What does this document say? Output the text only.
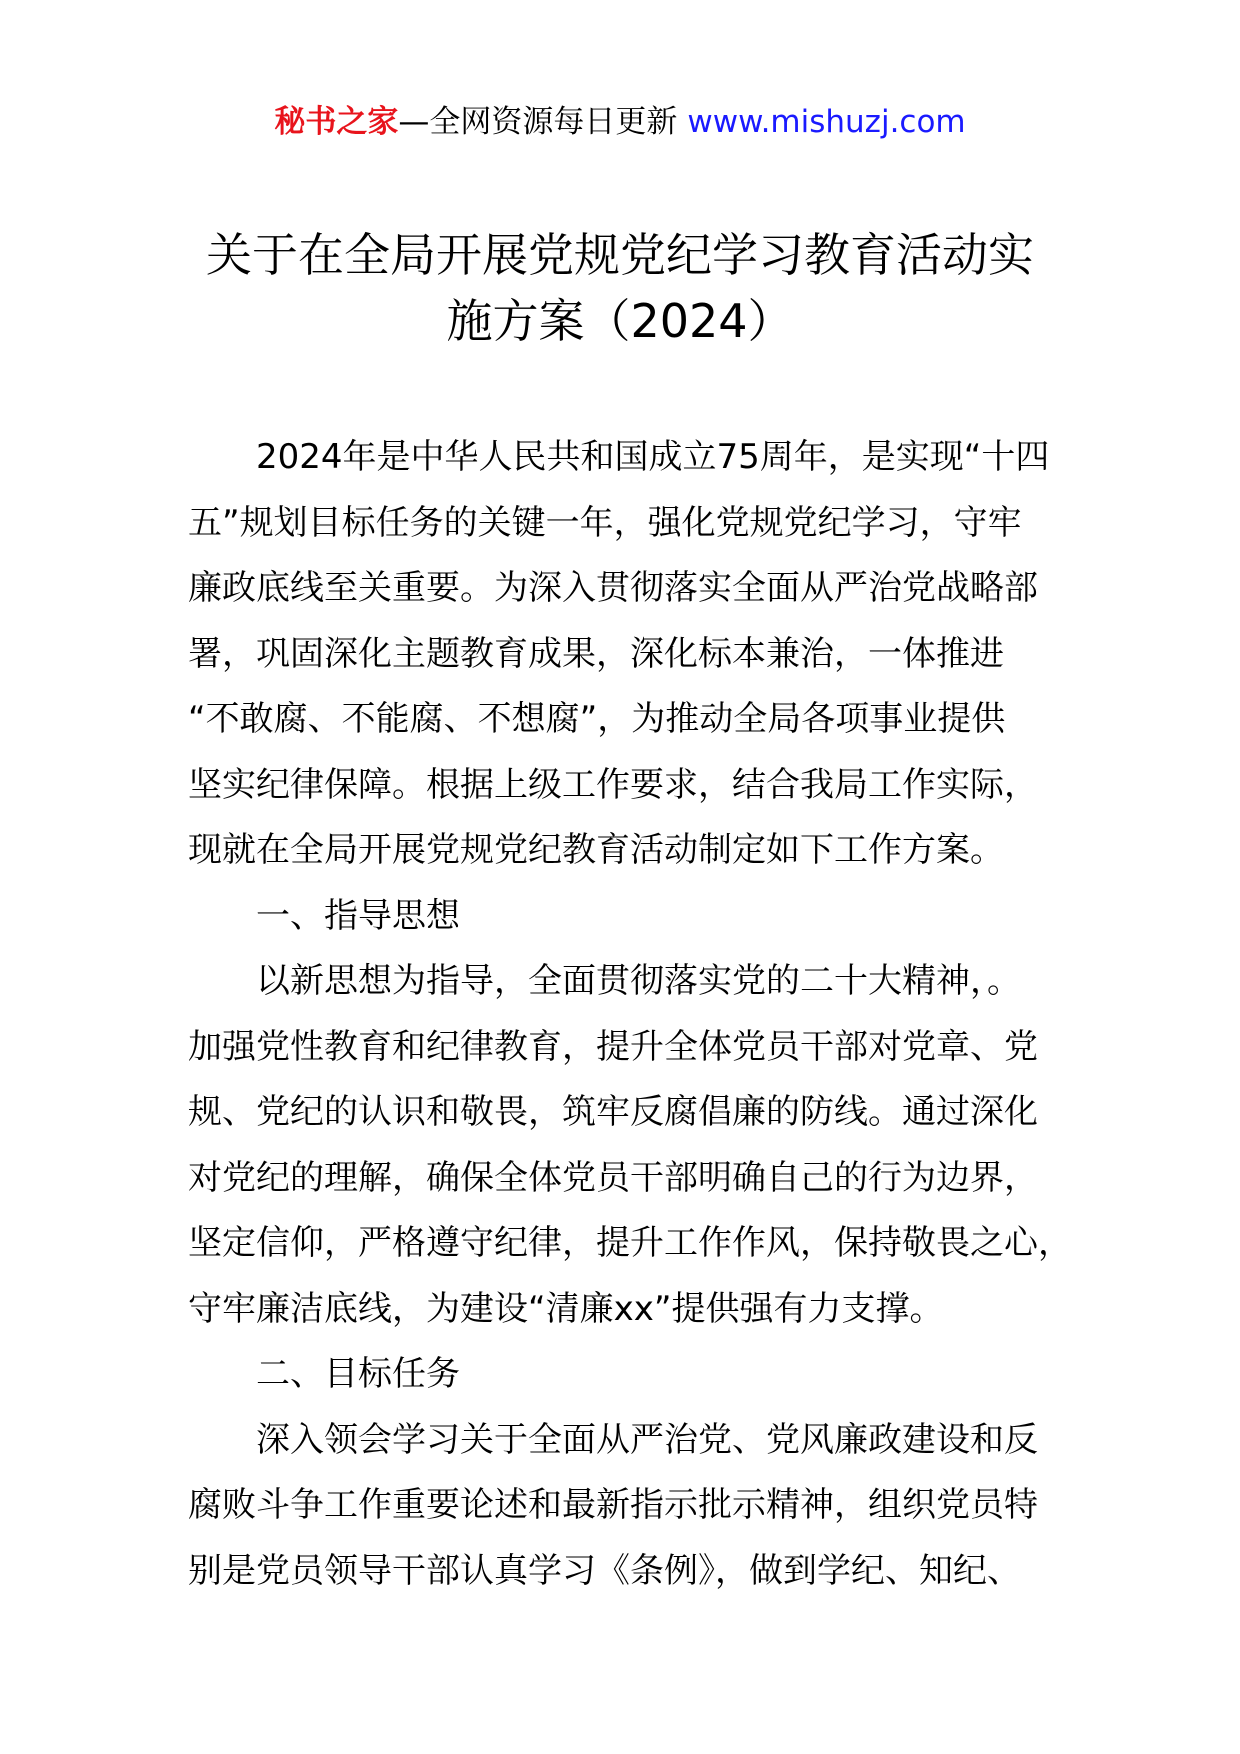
秘书之家—全网资源每日更新 www.mishuzj.com
关于在全局开展党规党纪学习教育活动实
施方案（2024）
2024年是中华人民共和国成立75周年，是实现“十四
五”规划目标任务的关键一年，强化党规党纪学习，守牢
廉政底线至关重要。为深入贯彻落实全面从严治党战略部
署，巩固深化主题教育成果，深化标本兼治，一体推进
“不敢腐、不能腐、不想腐”，为推动全局各项事业提供
坚实纪律保障。根据上级工作要求，结合我局工作实际，
现就在全局开展党规党纪教育活动制定如下工作方案。
一、指导思想
以新思想为指导，全面贯彻落实党的二十大精神，。
加强党性教育和纪律教育，提升全体党员干部对党章、党
规、党纪的认识和敬畏，筑牢反腐倡廉的防线。通过深化
对党纪的理解，确保全体党员干部明确自己的行为边界，
坚定信仰，严格遵守纪律，提升工作作风，保持敬畏之心，
守牢廉洁底线，为建设“清廉xx”提供强有力支撑。
二、目标任务
深入领会学习关于全面从严治党、党风廉政建设和反
腐败斗争工作重要论述和最新指示批示精神，组织党员特
别是党员领导干部认真学习《条例》，做到学纪、知纪、
